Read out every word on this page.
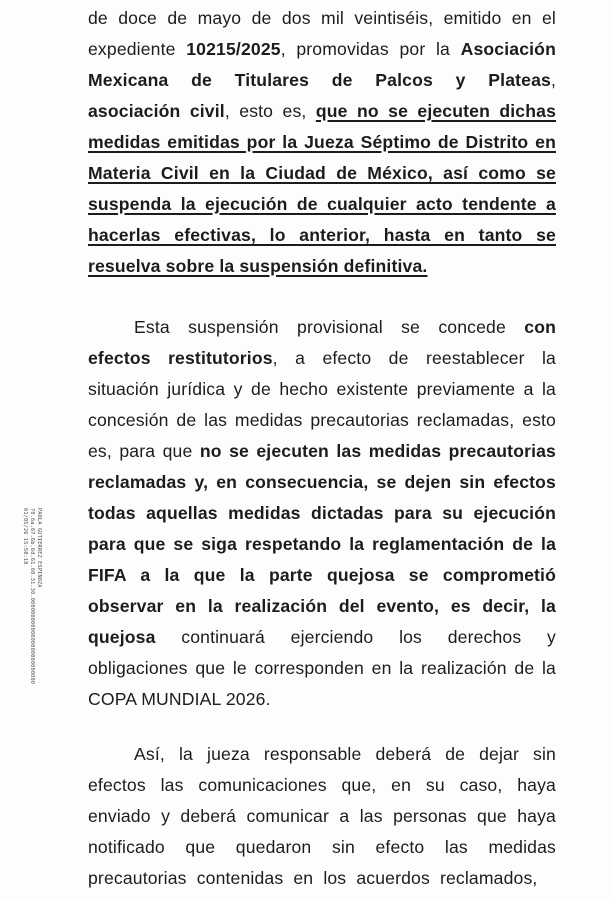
PAOLA GUTIERREZ ESPINOZA
70.6a.67.6b.6d.61.60.31.30.00000000000000000000000000
01/05/26 15:58:18
de doce de mayo de dos mil veintiséis, emitido en el
expediente 10215/2025, promovidas por la Asociación
Mexicana  de  Titulares  de  Palcos  y  Plateas,
asociación civil, esto es, que no se ejecuten dichas
medidas emitidas por la Jueza Séptimo de Distrito en
Materia Civil en la Ciudad de México, así como se
suspenda la ejecución de cualquier acto tendente a
hacerlas efectivas, lo anterior, hasta en tanto se
resuelva sobre la suspensión definitiva.
Esta  suspensión  provisional  se  concede  con
efectos  restitutorios,  a  efecto  de  reestablecer  la
situación jurídica y de hecho existente previamente a la
concesión de las medidas precautorias reclamadas, esto
es, para que no se ejecuten las medidas precautorias
reclamadas y, en consecuencia, se dejen sin efectos
todas aquellas medidas dictadas para su ejecución
para que se siga respetando la reglamentación de la
FIFA a la que la parte quejosa se comprometió
observar en la realización del evento, es decir, la
quejosa  continuará  ejerciendo  los  derechos  y
obligaciones que le corresponden en la realización de la
COPA MUNDIAL 2026.
Así,  la  jueza  responsable  deberá  de  dejar  sin
efectos  las  comunicaciones  que,  en  su  caso,  haya
enviado y deberá comunicar a las personas que haya
notificado  que  quedaron  sin  efecto  las  medidas
precautorias  contenidas  en  los  acuerdos  reclamados,
